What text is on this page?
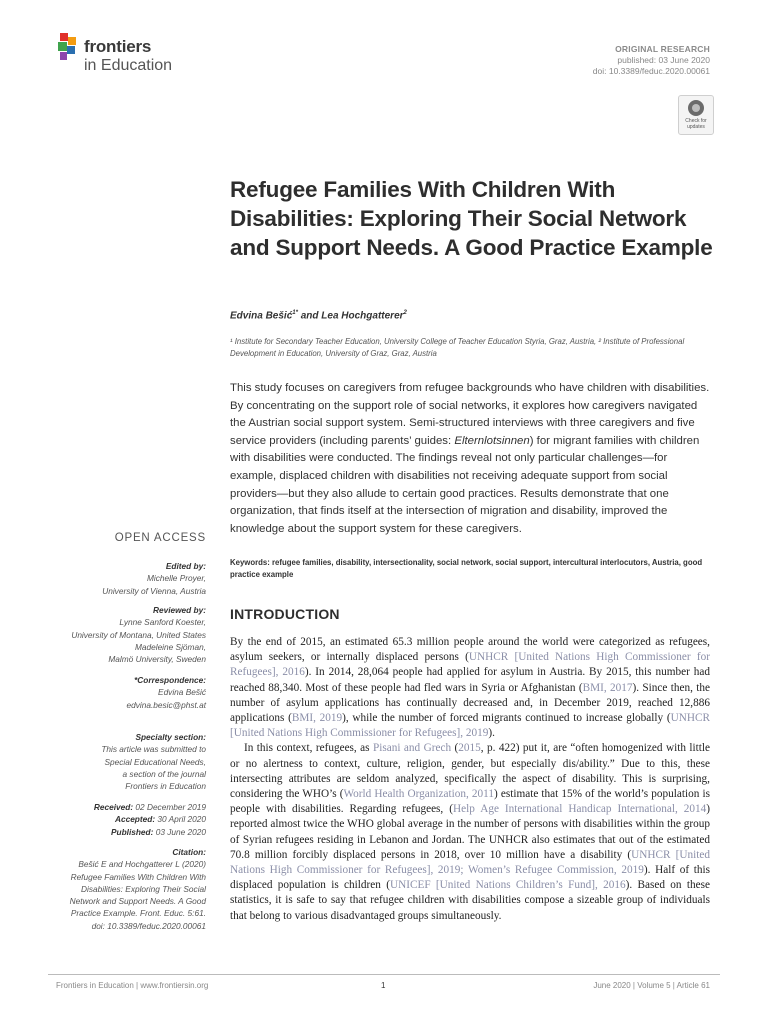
frontiers
in Education
ORIGINAL RESEARCH
published: 03 June 2020
doi: 10.3389/feduc.2020.00061
Check for
updates
Refugee Families With Children With Disabilities: Exploring Their Social Network and Support Needs. A Good Practice Example
Edvina Bešić$^{1*}$ and Lea Hochgatterer$^2$
¹ Institute for Secondary Teacher Education, University College of Teacher Education Styria, Graz, Austria, ² Institute of Professional Development in Education, University of Graz, Graz, Austria
This study focuses on caregivers from refugee backgrounds who have children with disabilities. By concentrating on the support role of social networks, it explores how caregivers navigated the Austrian social support system. Semi-structured interviews with three caregivers and five service providers (including parents’ guides: Elternlotsinnen) for migrant families with children with disabilities were conducted. The findings reveal not only particular challenges—for example, displaced children with disabilities not receiving adequate support from social providers—but they also allude to certain good practices. Results demonstrate that one organization, that finds itself at the intersection of migration and disability, improved the knowledge about the support system for these caregivers.
Keywords: refugee families, disability, intersectionality, social network, social support, intercultural interlocutors, Austria, good practice example
INTRODUCTION

By the end of 2015, an estimated 65.3 million people around the world were categorized as refugees, asylum seekers, or internally displaced persons (UNHCR [United Nations High Commissioner for Refugees], 2016). In 2014, 28,064 people had applied for asylum in Austria. By 2015, this number had reached 88,340. Most of these people had fled wars in Syria or Afghanistan (BMI, 2017). Since then, the number of asylum applications has continually decreased and, in December 2019, reached 12,886 applications (BMI, 2019), while the number of forced migrants continued to increase globally (UNHCR [United Nations High Commissioner for Refugees], 2019).

In this context, refugees, as Pisani and Grech (2015, p. 422) put it, are “often homogenized with little or no alertness to context, culture, religion, gender, but especially dis/ability.” Due to this, these intersecting attributes are seldom analyzed, specifically the aspect of disability. This is surprising, considering the WHO’s (World Health Organization, 2011) estimate that 15% of the world’s population is people with disabilities. Regarding refugees, (Help Age International Handicap International, 2014) reported almost twice the WHO global average in the number of persons with disabilities within the group of Syrian refugees residing in Lebanon and Jordan. The UNHCR also estimates that out of the estimated 70.8 million forcibly displaced persons in 2018, over 10 million have a disability (UNHCR [United Nations High Commissioner for Refugees], 2019; Women’s Refugee Commission, 2019). Half of this displaced population is children (UNICEF [United Nations Children’s Fund], 2016). Based on these statistics, it is safe to say that refugee children with disabilities compose a sizeable group of individuals that belong to various disadvantaged groups simultaneously.

OPEN ACCESS
Edited by:
Michelle Proyer,
University of Vienna, Austria
Reviewed by:
Lynne Sanford Koester,
University of Montana, United States
Madeleine Sjöman,
Malmö University, Sweden
*Correspondence:
Edvina Bešić
edvina.besic@phst.at
Specialty section:
This article was submitted to
Special Educational Needs,
a section of the journal
Frontiers in Education
Received: 02 December 2019
Accepted: 30 April 2020
Published: 03 June 2020
Citation:
Bešić E and Hochgatterer L (2020)
Refugee Families With Children With
Disabilities: Exploring Their Social
Network and Support Needs. A Good
Practice Example. Front. Educ. 5:61.
doi: 10.3389/feduc.2020.00061
Frontiers in Education | www.frontiersin.org	1	June 2020 | Volume 5 | Article 61
